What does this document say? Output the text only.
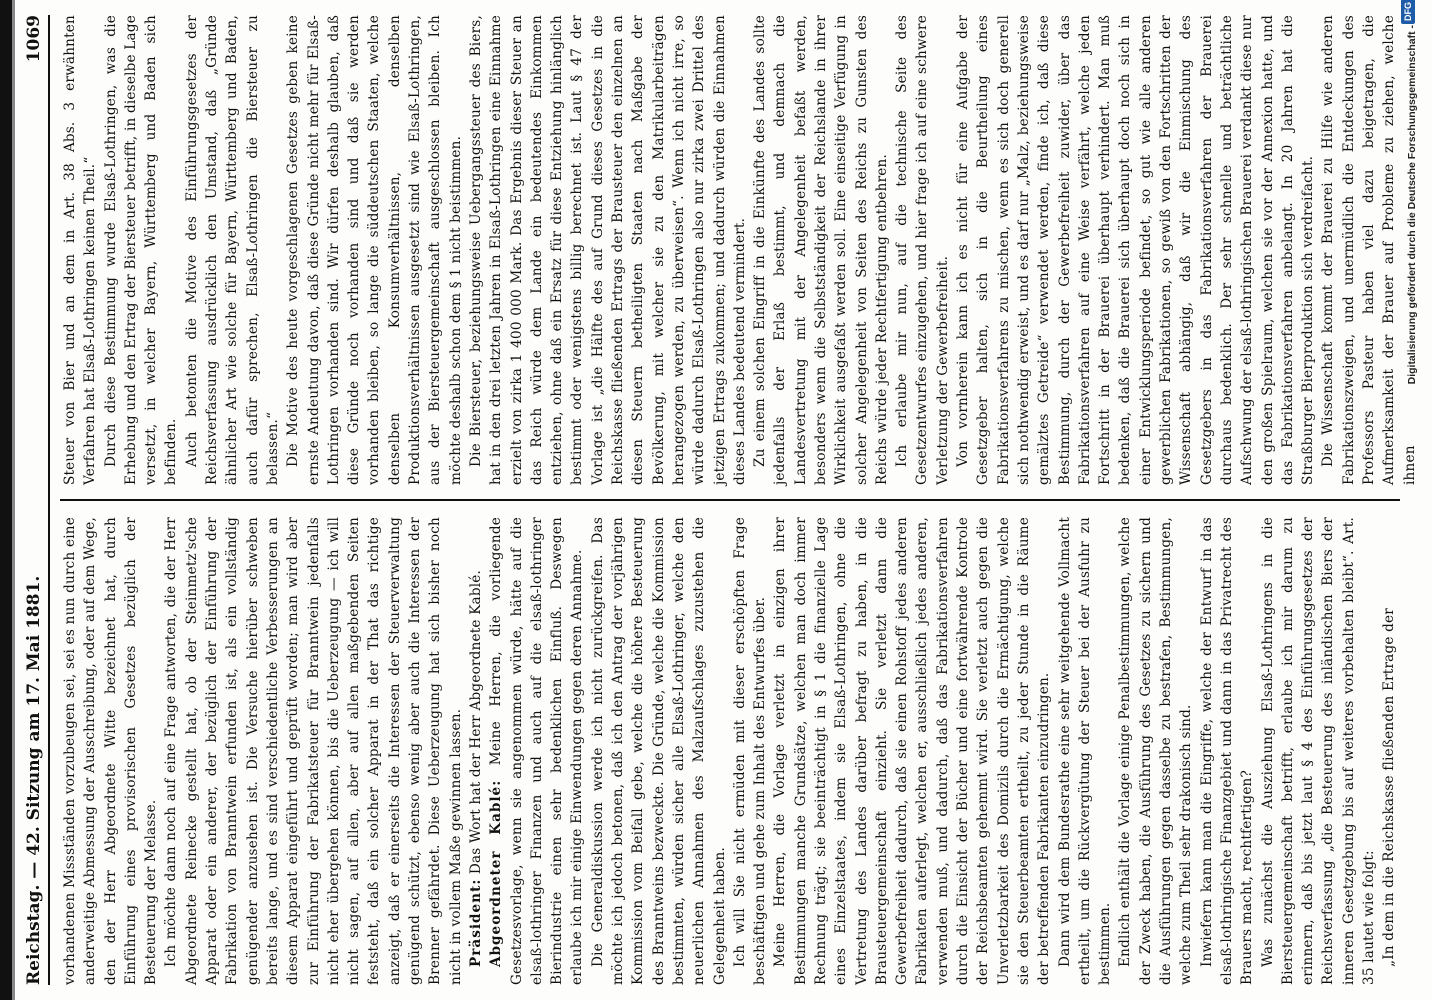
Reichstag. — 42. Sitzung am 17. Mai 1881.
1069

vorhandenen Missständen vorzubeugen sei, sei es nun durch eine anderweitige Abmessung der Ausschreibung, oder auf dem Wege, den der Herr Abgeordnete Witte bezeichnet hat, durch Einführung eines provisorischen Gesetzes bezüglich der Besteuerung der Melasse. Ich möchte dann noch auf eine Frage antworten, die der Herr Abgeordnete Reinecke gestellt hat, ob der Steinmetz'sche Apparat oder ein anderer, der bezüglich der Einführung der Fabrikation von Branntwein erfunden ist, als ein vollständig genügender anzusehen ist. Die Versuche hierüber schweben bereits lange, und es sind verschiedentliche Verbesserungen an diesem Apparat eingeführt und geprüft worden; man wird aber zur Einführung der Fabrikatsteuer für Branntwein jedenfalls nicht eher übergehen können, bis die Ueberzeugung — ich will nicht sagen, auf allen, aber auf allen maßgebenden Seiten feststeht, daß ein solcher Apparat in der That das richtige anzeigt, daß er einerseits die Interessen der Steuerverwaltung genügend schützt, ebenso wenig aber auch die Interessen der Brenner gefährdet. Diese Ueberzeugung hat sich bisher noch nicht in vollem Maße gewinnen lassen. Präsident: Das Wort hat der Herr Abgeordnete Kablé. Abgeordneter Kablé: Meine Herren, die vorliegende Gesetzesvorlage, wenn sie angenommen würde, hätte auf die elsaß-lothringer Finanzen und auch auf die elsaß-lothringer Bierindustrie einen sehr bedenklichen Einfluß. Deswegen erlaube ich mir einige Einwendungen gegen deren Annahme. Die Generaldiskussion werde ich nicht zurückgreifen. Das möchte ich jedoch betonen, daß ich den Antrag der vorjährigen Kommission vom Beifall gebe, welche die höhere Besteuerung des Branntweins bezweckte. Die Gründe, welche die Kommission bestimmten, würden sicher alle Elsaß-Lothringer, welche den neuerlichen Annahmen des Malzaufschlages zuzustehen die Gelegenheit haben. Ich will Sie nicht ermüden mit dieser erschöpften Frage beschäftigen und gehe zum Inhalt des Entwurfes über. Meine Herren, die Vorlage verletzt in einzigen ihrer Bestimmungen manche Grundsätze, welchen man doch immer Rechnung trägt; sie beeinträchtigt in § 1 die finanzielle Lage eines Einzelstaates, indem sie Elsaß-Lothringen, ohne die Vertretung des Landes darüber befragt zu haben, in die Brausteuergemeinschaft einzieht. Sie verletzt dann die Gewerbefreiheit dadurch, daß sie einen Rohstoff jedes anderen Fabrikaten auferlegt, welchen er, ausschließlich jedes anderen, verwenden muß, und dadurch, daß das Fabrikationsverfahren durch die Einsicht der Bücher und eine fortwährende Kontrole der Reichsbeamten gehemmt wird. Sie verletzt auch gegen die Unverletzbarkeit des Domizils durch die Ermächtigung, welche sie den Steuerbeamten ertheilt, zu jeder Stunde in die Räume der betreffenden Fabrikanten einzudringen. Dann wird dem Bundesrathe eine sehr weitgehende Vollmacht ertheilt, um die Rückvergütung der Steuer bei der Ausfuhr zu bestimmen. Endlich enthält die Vorlage einige Penalbestimmungen, welche der Zweck haben, die Ausführung des Gesetzes zu sichern und die Ausführungen gegen dasselbe zu bestrafen, Bestimmungen, welche zum Theil sehr drakonisch sind. Inwiefern kann man die Eingriffe, welche der Entwurf in das elsaß-lothringische Finanzgebiet und dann in das Privatrecht des Brauers macht, rechtfertigen? Was zunächst die Ausziehung Elsaß-Lothringens in die Biersteuergemeinschaft betrifft, erlaube ich mir darum zu erinnern, daß bis jetzt laut § 4 des Einführungsgesetzes der Reichsverfassung „die Besteuerung des inländischen Biers der inneren Gesetzgebung bis auf weiteres vorbehalten bleibt“. Art. 35 lautet wie folgt: „In dem in die Reichskasse fließenden Ertrage der

Steuer von Bier und an dem in Art. 38 Abs. 3 erwähnten Verfahren hat Elsaß-Lothringen keinen Theil.“ Durch diese Bestimmung wurde Elsaß-Lothringen, was die Erhebung und den Ertrag der Biersteuer betrifft, in dieselbe Lage versetzt, in welcher Bayern, Württemberg und Baden sich befinden. Auch betonten die Motive des Einführungsgesetzes der Reichsverfassung ausdrücklich den Umstand, daß „Gründe ähnlicher Art wie solche für Bayern, Württemberg und Baden, auch dafür sprechen, Elsaß-Lothringen die Biersteuer zu belassen.“ Die Motive des heute vorgeschlagenen Gesetzes geben keine ernste Andeutung davon, daß diese Gründe nicht mehr für Elsaß-Lothringen vorhanden sind. Wir dürfen deshalb glauben, daß diese Gründe noch vorhanden sind und daß sie werden vorhanden bleiben, so lange die süddeutschen Staaten, welche denselben Konsumverhältnissen, denselben Produktionsverhältnissen ausgesetzt sind wie Elsaß-Lothringen, aus der Biersteuergemeinschaft ausgeschlossen bleiben. Ich möchte deshalb schon dem § 1 nicht beistimmen. Die Biersteuer, beziehungsweise Uebergangssteuer des Biers, hat in den drei letzten Jahren in Elsaß-Lothringen eine Einnahme erzielt von zirka 1 400 000 Mark. Das Ergebnis dieser Steuer an das Reich würde dem Lande ein bedeutendes Einkommen entziehen, ohne daß ein Ersatz für diese Entziehung hinlänglich bestimmt oder wenigstens billig berechnet ist. Laut § 47 der Vorlage ist „die Hälfte des auf Grund dieses Gesetzes in die Reichskasse fließenden Ertrags der Brausteuer den einzelnen an diesen Steuern betheiligten Staaten nach Maßgabe der Bevölkerung, mit welcher sie zu den Matrikularbeiträgen herangezogen werden, zu überweisen“. Wenn ich nicht irre, so würde dadurch Elsaß-Lothringen also nur zirka zwei Drittel des jetzigen Ertrags zukommen; und dadurch würden die Einnahmen dieses Landes bedeutend vermindert. Zu einem solchen Eingriff in die Einkünfte des Landes sollte jedenfalls der Erlaß bestimmt, und demnach die Landesvertretung mit der Angelegenheit befaßt werden, besonders wenn die Selbstständigkeit der Reichslande in ihrer Wirklichkeit ausgefaßt werden soll. Eine einseitige Verfügung in solcher Angelegenheit von Seiten des Reichs zu Gunsten des Reichs würde jeder Rechtfertigung entbehren. Ich erlaube mir nun, auf die technische Seite des Gesetzentwurfes einzugehen, und hier frage ich auf eine schwere Verletzung der Gewerbefreiheit. Von vornherein kann ich es nicht für eine Aufgabe der Gesetzgeber halten, sich in die Beurtheilung eines Fabrikationsverfahrens zu mischen, wenn es sich doch generell sich nothwendig erweist, und es darf nur „Malz, beziehungsweise gemälztes Getreide“ verwendet werden, finde ich, daß diese Bestimmung, durch der Gewerbefreiheit zuwider, über das Fabrikationsverfahren auf eine Weise verfährt, welche jeden Fortschritt in der Brauerei überhaupt verhindert. Man muß bedenken, daß die Brauerei sich überhaupt doch noch sich in einer Entwicklungsperiode befindet, so gut wie alle anderen gewerblichen Fabrikationen, so gewiß von den Fortschritten der Wissenschaft abhängig, daß wir die Einmischung des Gesetzgebers in das Fabrikationsverfahren der Brauerei durchaus bedenklich. Der sehr schnelle und beträchtliche Aufschwung der elsaß-lothringischen Brauerei verdankt diese nur den großen Spielraum, welchen sie vor der Annexion hatte, und das Fabrikationsverfahren anbelangt. In 20 Jahren hat die Straßburger Bierproduktion sich verdreifacht. Die Wissenschaft kommt der Brauerei zu Hilfe wie anderen Fabrikationszweigen, und unermüdlich die Entdeckungen des Professors Pasteur haben viel dazu beigetragen, die Aufmerksamkeit der Brauer auf Probleme zu ziehen, welche ihnen

Digitalisierung gefördert durch die Deutsche Forschungsgemeinschaft -
DFG
